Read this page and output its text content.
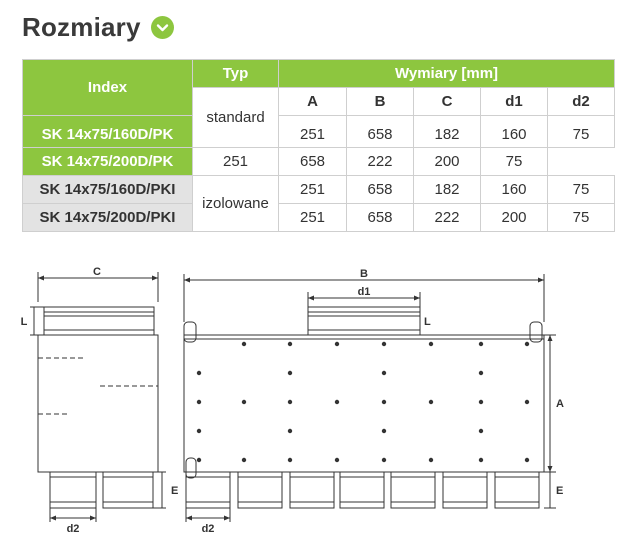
Rozmiary
Index	Typ	Wymiary [mm]				
	standard	A	B	C	d1	d2
SK 14x75/160D/PK		251	658	182	160	75

SK 14x75/200D/PK	251	658	222	200	75	
SK 14x75/160D/PKI	izolowane	251	658	182	160	75
SK 14x75/200D/PKI		251	658	222	200	75
C
L
E
d2
B
d1
L
A
E
d2
